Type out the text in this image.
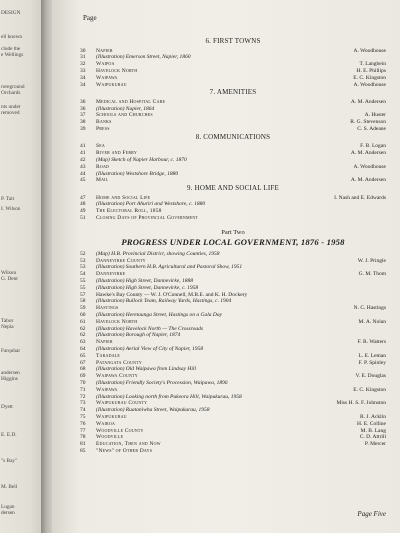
DESIGN
ell known
clude the
e Wellings
roreground
Orchards
nts under
removed
P. Tait
I. Wilson
Wilson
G. Dent
Tabor
Nepia
Farquhar
andersen
Higgins
Dyett
E. E.D.
"s Bay"
M. Bell
Lugan
dersen
Page
6. FIRST TOWNS
30	Napier	A. Woodhouse
31	(Illustration) Emerson Street, Napier, 1860
32	Waipoa	T. Langbein
33	Havelock North	H. E. Phillips
34	Waipawa	E. C. Kingston
34	Waipukurau	A. Woodhouse
7. AMENITIES
36	Medical and Hospital Care	A. M. Andersen
36	(Illustration) Napier, 1864
37	Schools and Churches	A. Huster
38	Banks	R. G. Stevenson
39	Press	C. S. Adeane
8. COMMUNICATIONS
41	Sea	F. B. Logan
41	River and Ferry	A. M. Andersen
42	(Map) Sketch of Napier Harbour, c. 1870
43	Road	A. Woodhouse
44	(Illustration) Westshore Bridge, 1880
45	Mail	A. M. Andersen
9. HOME AND SOCIAL LIFE
47	Home and Social Life	I. Nash and E. Edwards
48	(Illustration) Port Ahuriri and Westshore, c. 1880
49	The Electoral Roll, 1858
51	Closing Days of Provincial Government
Part Two
PROGRESS UNDER LOCAL GOVERNMENT, 1876 - 1958
52	(Map) H.B. Provincial District, showing Counties, 1958
53	Dannevirke County	W. J. Pringle
53	(Illustration) Southern H.B. Agricultural and Pastoral Show, 1951
54	Dannevirke	G. M. Thom
55	(Illustration) High Street, Dannevirke, 1888
55	(Illustration) High Street, Dannevirke, c. 1958
57	Hawke's Bay County — W. J. O'Connell, M.B.E. and K. H. Dockery
58	(Illustration) Bullock Team, Railway Yards, Hastings, c. 1904
59	Hastings	N. C. Hastings
60	(Illustration) Heretaunga Street, Hastings on a Gala Day
61	Havelock North	M. A. Nolan
62	(Illustration) Havelock North — The Crossroads
62	(Illustration) Borough of Napier, 1874
63	Napier	F. R. Watters
64	(Illustration) Aerial View of City of Napier, 1958
65	Taradale	L. E. Leman
67	Patangata County	F. P. Spinley
68	(Illustration) Old Waipawa from Lindsay Hill
69	Waipawa County	V. E. Douglas
70	(Illustration) Friendly Society's Procession, Waipawa, 1896
71	Waipawa	E. C. Kingston
72	(Illustration) Looking north from Pukeora Hill, Waipukurau, 1958
73	Waipukurau County	Miss H. S. F. Johnston
74	(Illustration) Ruataniwha Street, Waipukurau, 1958
75	Waipukurau	R. J. Acklin
76	Wairoa	H. E. Colline
77	Woodville County	M. B. Lang
78	Woodville	C. D. Attrill
81	Education, Then and Now	P. Mercer
85	"News" of Other Days
Page Five
